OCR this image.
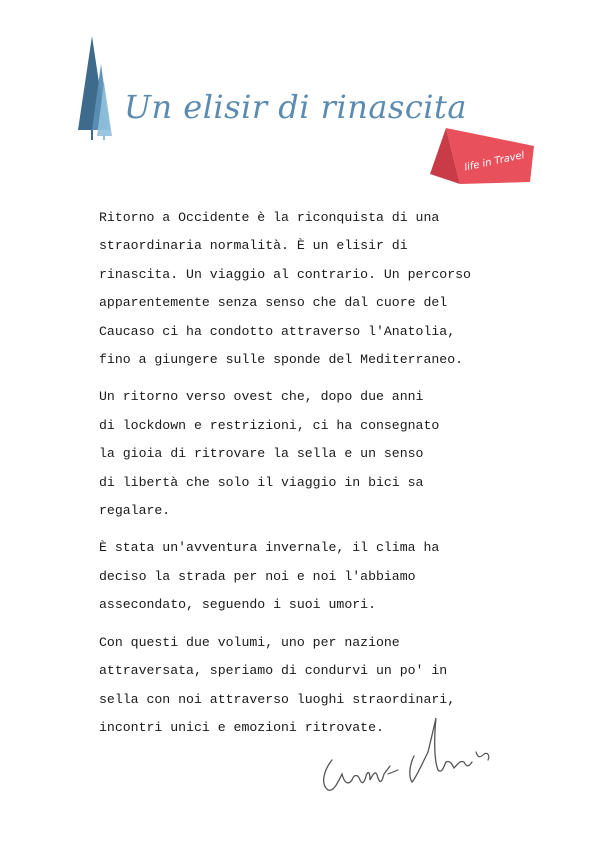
Un elisir di rinascita
life in Travel

Ritorno a Occidente è la riconquista di una
straordinaria normalità. È un elisir di
rinascita. Un viaggio al contrario. Un percorso
apparentemente senza senso che dal cuore del
Caucaso ci ha condotto attraverso l'Anatolia,
fino a giungere sulle sponde del Mediterraneo.

Un ritorno verso ovest che, dopo due anni
di lockdown e restrizioni, ci ha consegnato
la gioia di ritrovare la sella e un senso
di libertà che solo il viaggio in bici sa
regalare.

È stata un'avventura invernale, il clima ha
deciso la strada per noi e noi l'abbiamo
assecondato, seguendo i suoi umori.

Con questi due volumi, uno per nazione
attraversata, speriamo di condurvi un po' in
sella con noi attraverso luoghi straordinari,
incontri unici e emozioni ritrovate.
